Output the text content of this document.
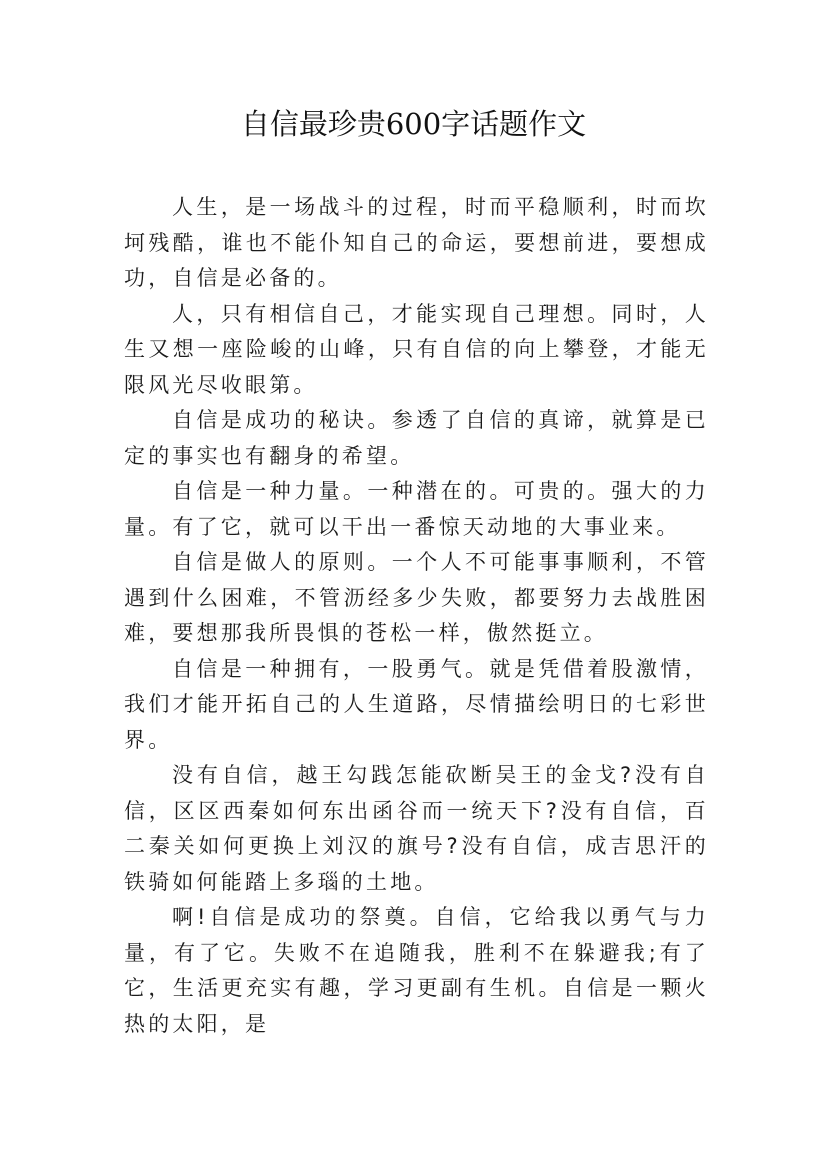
自信最珍贵600字话题作文

人生，是一场战斗的过程，时而平稳顺利，时而坎坷残酷，谁也不能仆知自己的命运，要想前进，要想成功，自信是必备的。

人，只有相信自己，才能实现自己理想。同时，人生又想一座险峻的山峰，只有自信的向上攀登，才能无限风光尽收眼第。

自信是成功的秘诀。参透了自信的真谛，就算是已定的事实也有翻身的希望。

自信是一种力量。一种潜在的。可贵的。强大的力量。有了它，就可以干出一番惊天动地的大事业来。

自信是做人的原则。一个人不可能事事顺利，不管遇到什么困难，不管沥经多少失败，都要努力去战胜困难，要想那我所畏惧的苍松一样，傲然挺立。

自信是一种拥有，一股勇气。就是凭借着股激情，我们才能开拓自己的人生道路，尽情描绘明日的七彩世界。

没有自信，越王勾践怎能砍断吴王的金戈?没有自信，区区西秦如何东出函谷而一统天下?没有自信，百二秦关如何更换上刘汉的旗号?没有自信，成吉思汗的铁骑如何能踏上多瑙的土地。

啊!自信是成功的祭奠。自信，它给我以勇气与力量，有了它。失败不在追随我，胜利不在躲避我;有了它，生活更充实有趣，学习更副有生机。自信是一颗火热的太阳，是
